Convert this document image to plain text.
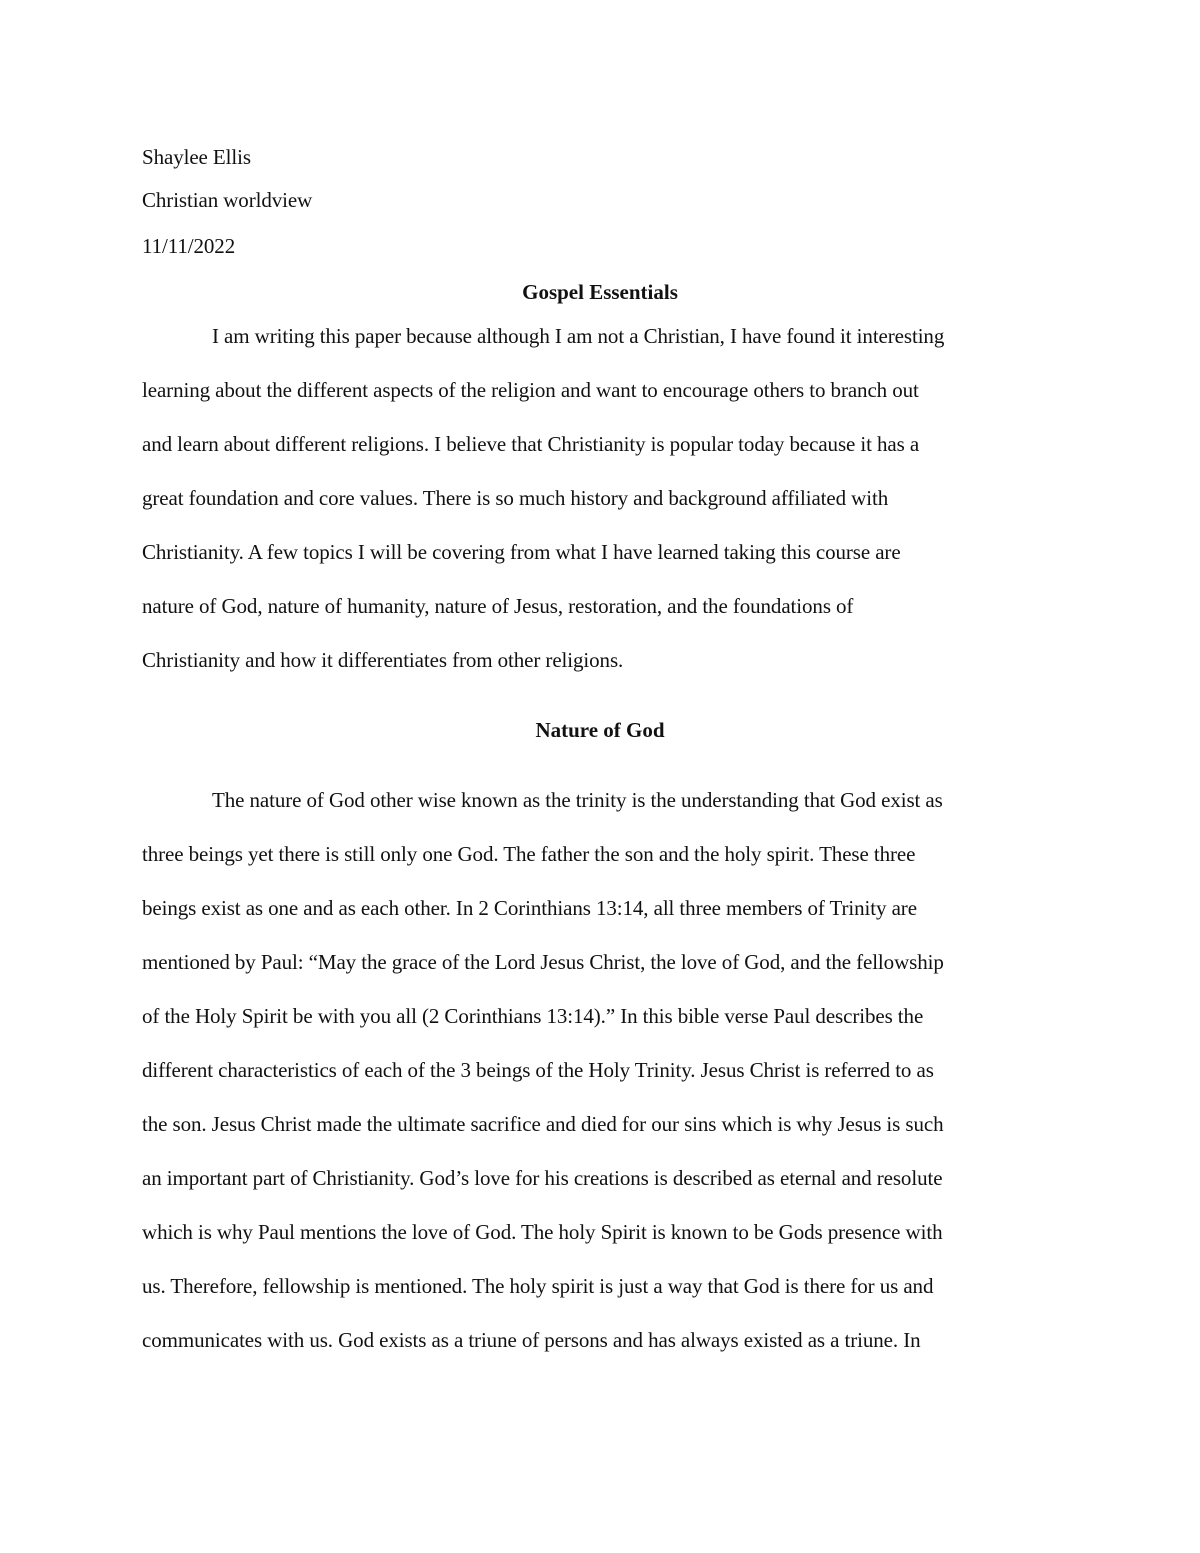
Shaylee Ellis
Christian worldview
11/11/2022
Gospel Essentials
I am writing this paper because although I am not a Christian, I have found it interesting
learning about the different aspects of the religion and want to encourage others to branch out
and learn about different religions. I believe that Christianity is popular today because it has a
great foundation and core values. There is so much history and background affiliated with
Christianity. A few topics I will be covering from what I have learned taking this course are
nature of God, nature of humanity, nature of Jesus, restoration, and the foundations of
Christianity and how it differentiates from other religions.
Nature of God
The nature of God other wise known as the trinity is the understanding that God exist as
three beings yet there is still only one God. The father the son and the holy spirit. These three
beings exist as one and as each other. In 2 Corinthians 13:14, all three members of Trinity are
mentioned by Paul: “May the grace of the Lord Jesus Christ, the love of God, and the fellowship
of the Holy Spirit be with you all (2 Corinthians 13:14).” In this bible verse Paul describes the
different characteristics of each of the 3 beings of the Holy Trinity. Jesus Christ is referred to as
the son. Jesus Christ made the ultimate sacrifice and died for our sins which is why Jesus is such
an important part of Christianity. God’s love for his creations is described as eternal and resolute
which is why Paul mentions the love of God. The holy Spirit is known to be Gods presence with
us. Therefore, fellowship is mentioned. The holy spirit is just a way that God is there for us and
communicates with us. God exists as a triune of persons and has always existed as a triune. In
